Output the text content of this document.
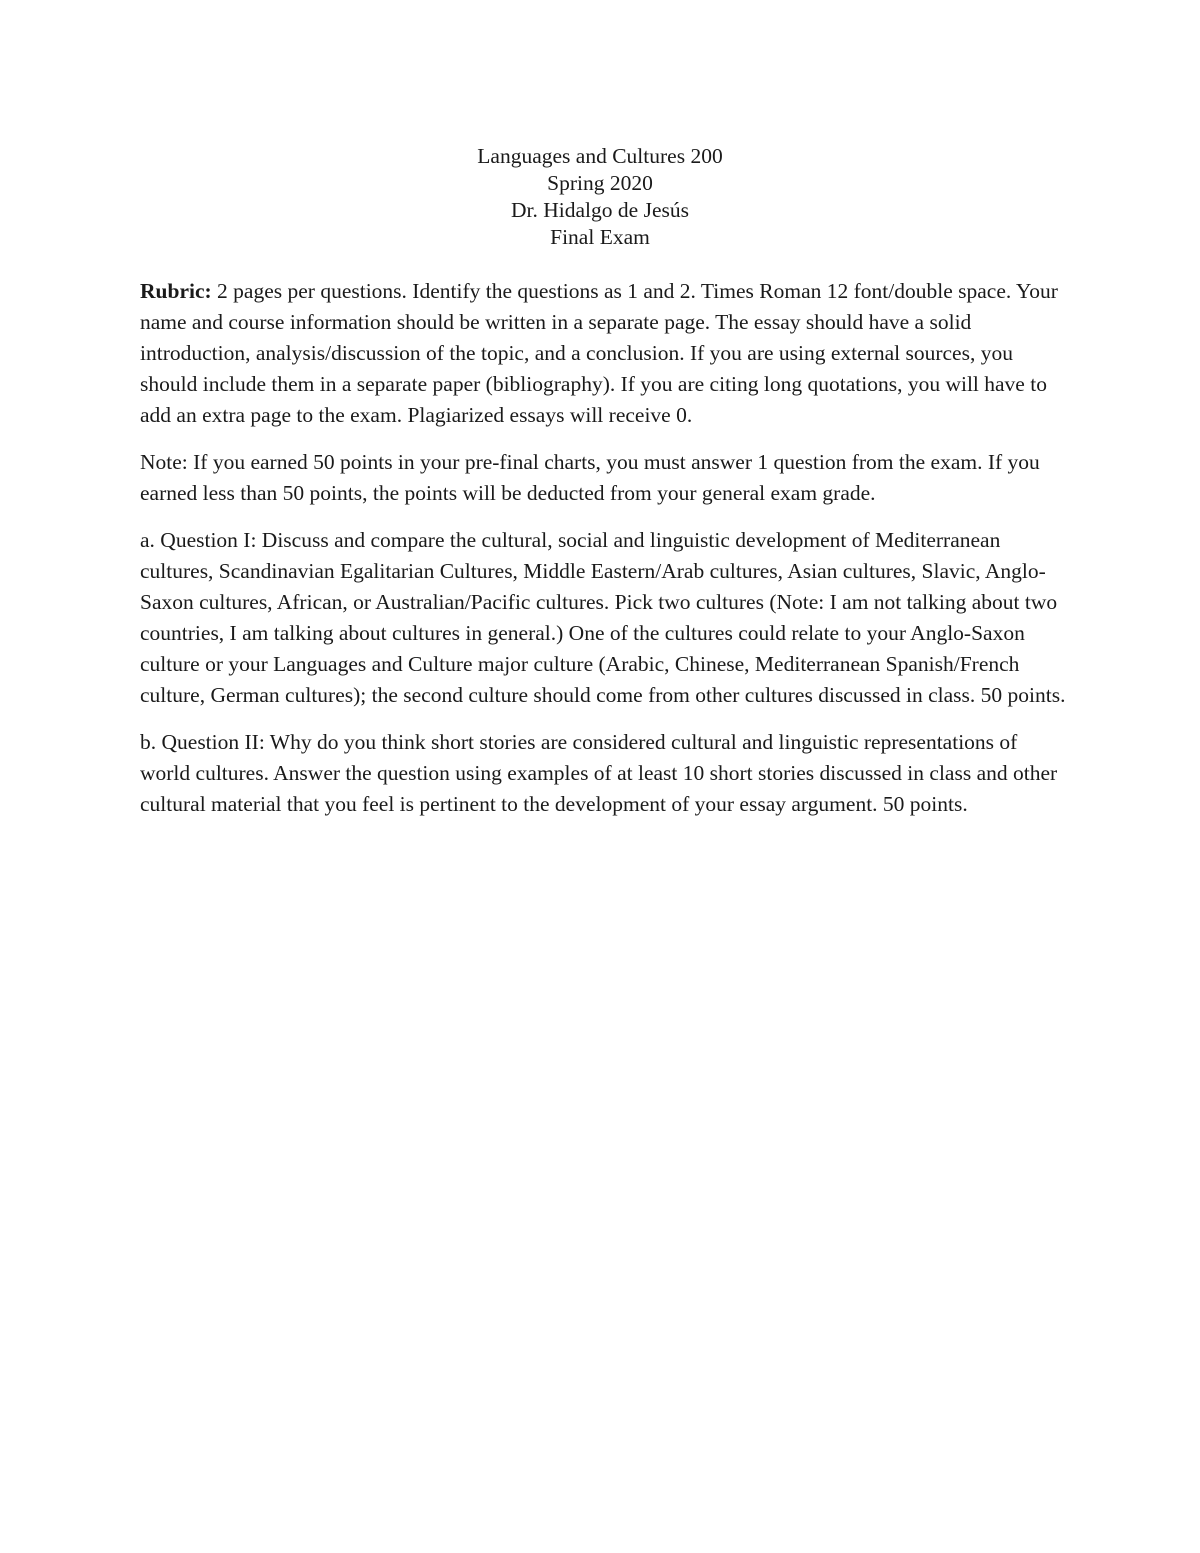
Languages and Cultures 200
Spring 2020
Dr. Hidalgo de Jesús
Final Exam

Rubric: 2 pages per questions. Identify the questions as 1 and 2. Times Roman 12 font/double space. Your name and course information should be written in a separate page. The essay should have a solid introduction, analysis/discussion of the topic, and a conclusion. If you are using external sources, you should include them in a separate paper (bibliography). If you are citing long quotations, you will have to add an extra page to the exam. Plagiarized essays will receive 0.

Note: If you earned 50 points in your pre-final charts, you must answer 1 question from the exam. If you earned less than 50 points, the points will be deducted from your general exam grade.

a. Question I: Discuss and compare the cultural, social and linguistic development of Mediterranean cultures, Scandinavian Egalitarian Cultures, Middle Eastern/Arab cultures, Asian cultures, Slavic, Anglo-Saxon cultures, African, or Australian/Pacific cultures. Pick two cultures (Note: I am not talking about two countries, I am talking about cultures in general.) One of the cultures could relate to your Anglo-Saxon culture or your Languages and Culture major culture (Arabic, Chinese, Mediterranean Spanish/French culture, German cultures); the second culture should come from other cultures discussed in class. 50 points.

b. Question II: Why do you think short stories are considered cultural and linguistic representations of world cultures. Answer the question using examples of at least 10 short stories discussed in class and other cultural material that you feel is pertinent to the development of your essay argument. 50 points.
